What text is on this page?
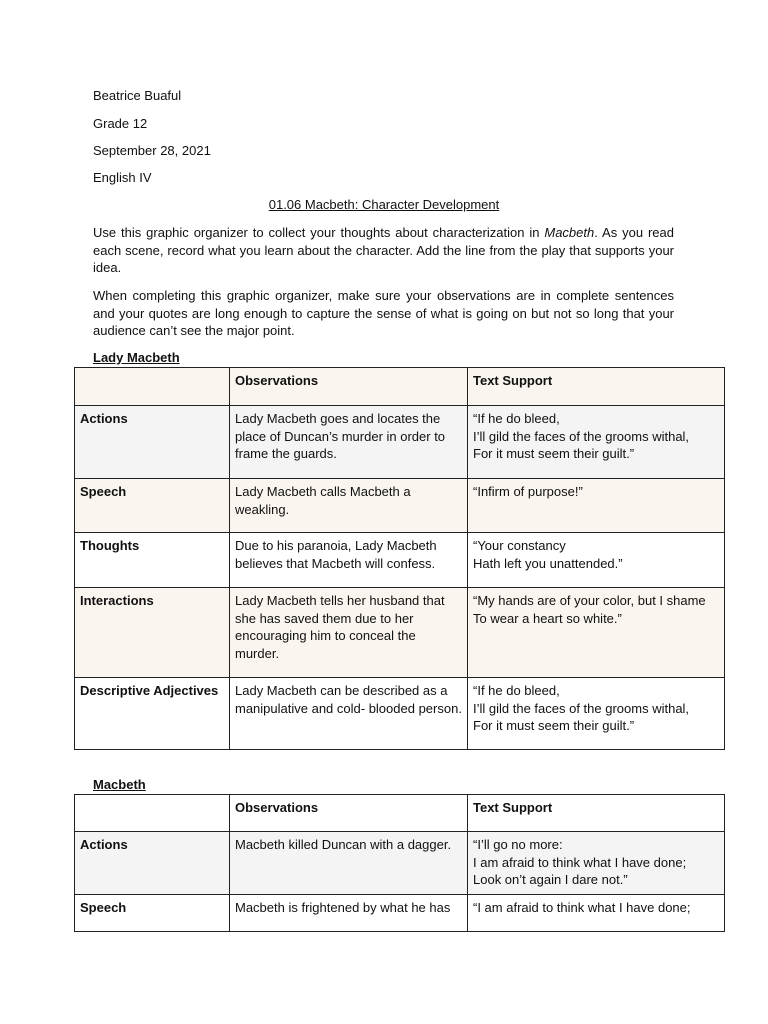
Beatrice Buaful
Grade 12
September 28, 2021
English IV
01.06 Macbeth: Character Development
Use this graphic organizer to collect your thoughts about characterization in Macbeth. As you read each scene, record what you learn about the character. Add the line from the play that supports your idea.
When completing this graphic organizer, make sure your observations are in complete sentences and your quotes are long enough to capture the sense of what is going on but not so long that your audience can’t see the major point.
Lady Macbeth
	Observations	Text Support
Actions	Lady Macbeth goes and locates the place of Duncan’s murder in order to frame the guards.	“If he do bleed,
I’ll gild the faces of the grooms withal,
For it must seem their guilt.”
Speech	Lady Macbeth calls Macbeth a weakling.	“Infirm of purpose!”
Thoughts	Due to his paranoia, Lady Macbeth believes that Macbeth will confess.	“Your constancy
Hath left you unattended.”
Interactions	Lady Macbeth tells her husband that she has saved them due to her encouraging him to conceal the murder.	“My hands are of your color, but I shame To wear a heart so white.”
Descriptive Adjectives	Lady Macbeth can be described as a manipulative and cold- blooded person.	“If he do bleed,
I’ll gild the faces of the grooms withal,
For it must seem their guilt.”
Macbeth
	Observations	Text Support
Actions	Macbeth killed Duncan with a dagger.	“I’ll go no more:
I am afraid to think what I have done;
Look on’t again I dare not.”
Speech	Macbeth is frightened by what he has	“I am afraid to think what I have done;
